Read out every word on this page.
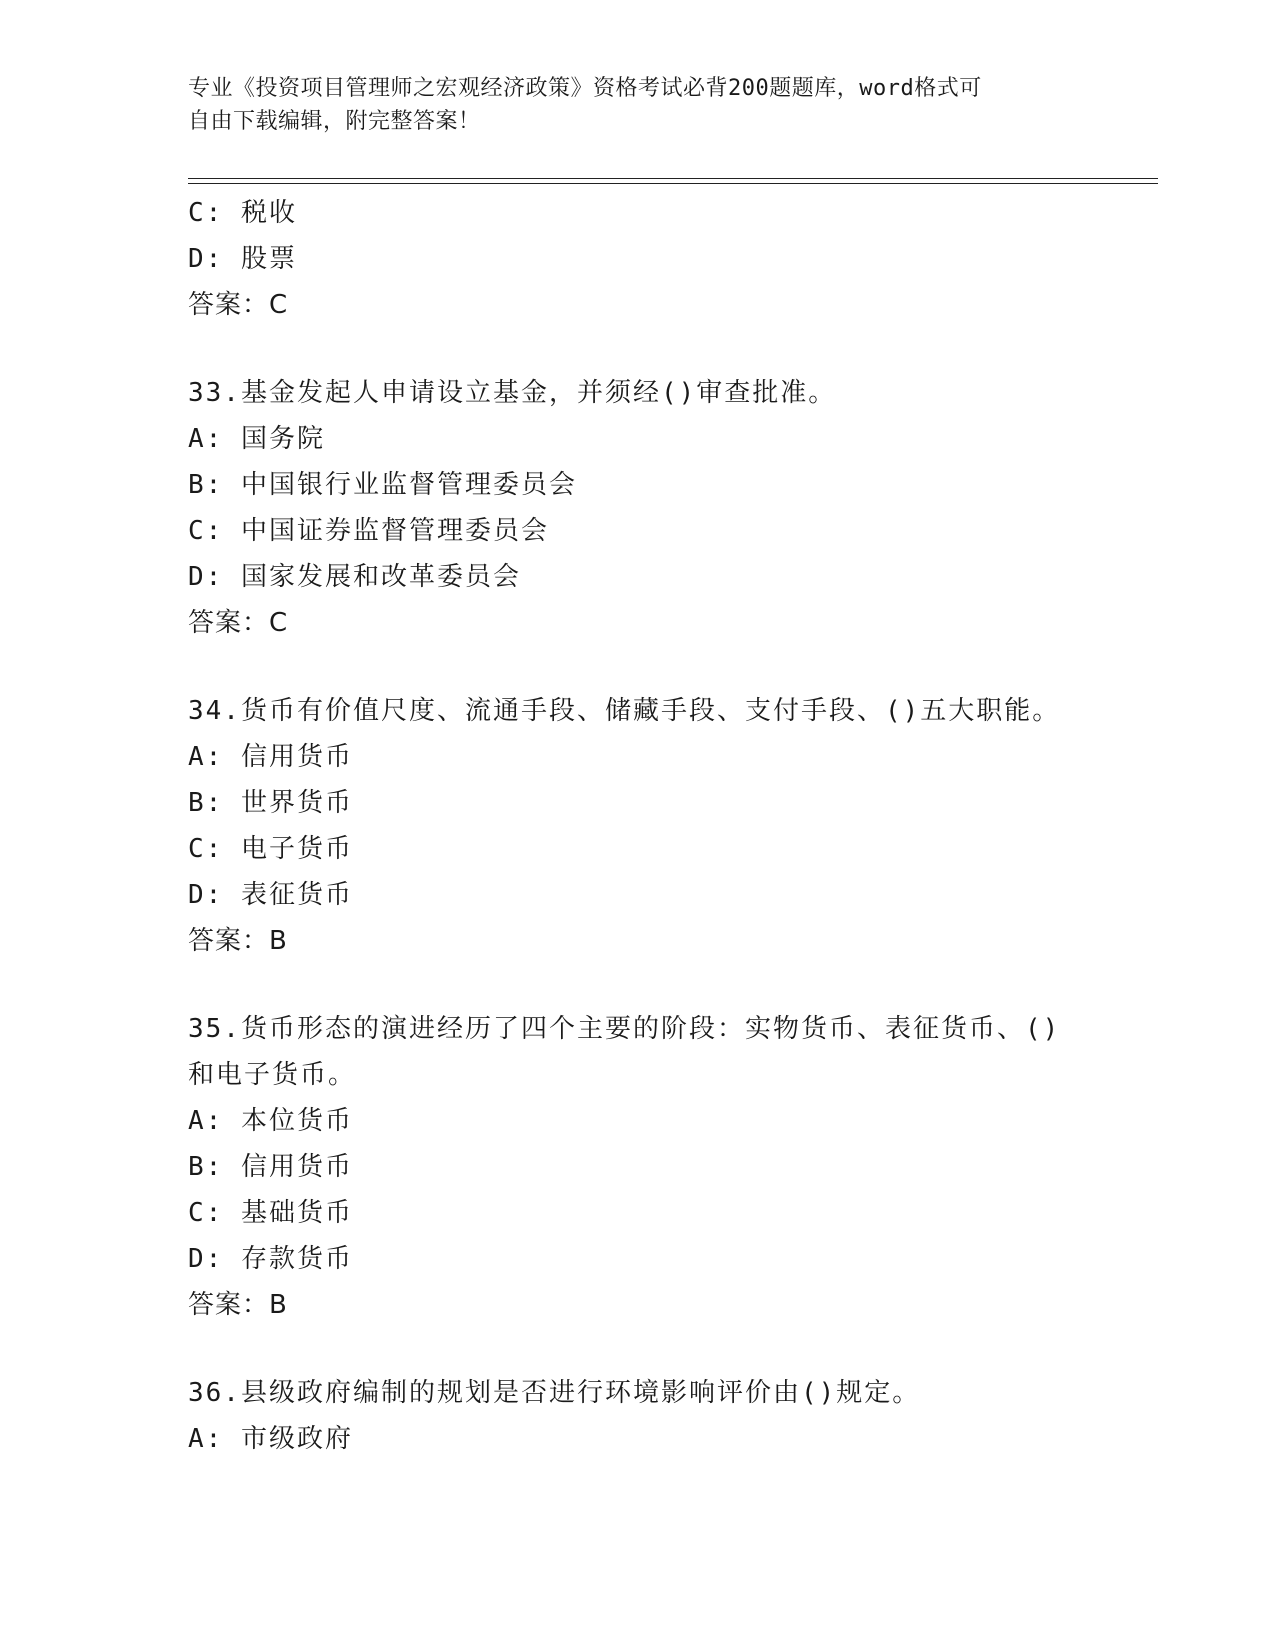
专业《投资项目管理师之宏观经济政策》资格考试必背200题题库，word格式可
自由下载编辑，附完整答案！
C: 税收
D: 股票
答案：C
33.基金发起人申请设立基金，并须经()审查批准。
A: 国务院
B: 中国银行业监督管理委员会
C: 中国证券监督管理委员会
D: 国家发展和改革委员会
答案：C
34.货币有价值尺度、流通手段、储藏手段、支付手段、()五大职能。
A: 信用货币
B: 世界货币
C: 电子货币
D: 表征货币
答案：B
35.货币形态的演进经历了四个主要的阶段：实物货币、表征货币、()
和电子货币。
A: 本位货币
B: 信用货币
C: 基础货币
D: 存款货币
答案：B
36.县级政府编制的规划是否进行环境影响评价由()规定。
A: 市级政府
